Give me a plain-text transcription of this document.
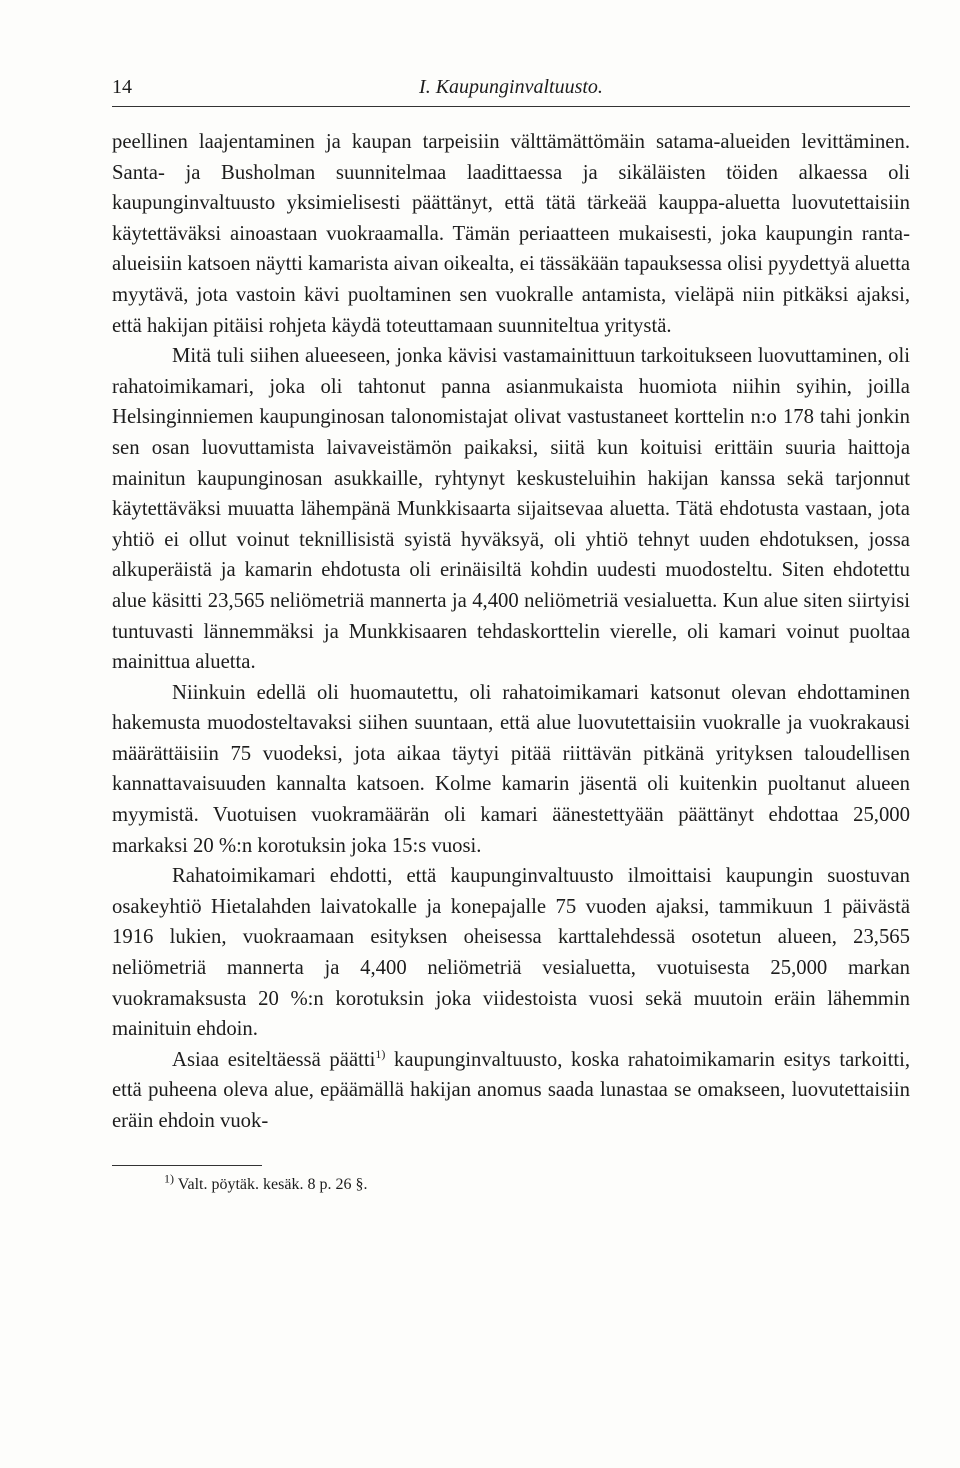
14	I. Kaupunginvaltuusto.

peellinen laajentaminen ja kaupan tarpeisiin välttämättömäin satama-alueiden levittäminen. Santa- ja Busholman suunnitelmaa laadittaessa ja sikäläisten töiden alkaessa oli kaupunginvaltuusto yksimielisesti päättänyt, että tätä tärkeää kauppa-aluetta luovutettaisiin käytettäväksi ainoastaan vuokraamalla. Tämän periaatteen mukaisesti, joka kaupungin ranta-alueisiin katsoen näytti kamarista aivan oikealta, ei tässäkään tapauksessa olisi pyydettyä aluetta myytävä, jota vastoin kävi puoltaminen sen vuokralle antamista, vieläpä niin pitkäksi ajaksi, että hakijan pitäisi rohjeta käydä toteuttamaan suunniteltua yritystä.

Mitä tuli siihen alueeseen, jonka kävisi vastamainittuun tarkoitukseen luovuttaminen, oli rahatoimikamari, joka oli tahtonut panna asianmukaista huomiota niihin syihin, joilla Helsinginniemen kaupunginosan talonomistajat olivat vastustaneet korttelin n:o 178 tahi jonkin sen osan luovuttamista laivaveistämön paikaksi, siitä kun koituisi erittäin suuria haittoja mainitun kaupunginosan asukkaille, ryhtynyt keskusteluihin hakijan kanssa sekä tarjonnut käytettäväksi muuatta lähempänä Munkkisaarta sijaitsevaa aluetta. Tätä ehdotusta vastaan, jota yhtiö ei ollut voinut teknillisistä syistä hyväksyä, oli yhtiö tehnyt uuden ehdotuksen, jossa alkuperäistä ja kamarin ehdotusta oli erinäisiltä kohdin uudesti muodosteltu. Siten ehdotettu alue käsitti 23,565 neliömetriä mannerta ja 4,400 neliömetriä vesialuetta. Kun alue siten siirtyisi tuntuvasti lännemmäksi ja Munkkisaaren tehdaskorttelin vierelle, oli kamari voinut puoltaa mainittua aluetta.

Niinkuin edellä oli huomautettu, oli rahatoimikamari katsonut olevan ehdottaminen hakemusta muodosteltavaksi siihen suuntaan, että alue luovutettaisiin vuokralle ja vuokrakausi määrättäisiin 75 vuodeksi, jota aikaa täytyi pitää riittävän pitkänä yrityksen taloudellisen kannattavaisuuden kannalta katsoen. Kolme kamarin jäsentä oli kuitenkin puoltanut alueen myymistä. Vuotuisen vuokramäärän oli kamari äänestettyään päättänyt ehdottaa 25,000 markaksi 20 %:n korotuksin joka 15:s vuosi.

Rahatoimikamari ehdotti, että kaupunginvaltuusto ilmoittaisi kaupungin suostuvan osakeyhtiö Hietalahden laivatokalle ja konepajalle 75 vuoden ajaksi, tammikuun 1 päivästä 1916 lukien, vuokraamaan esityksen oheisessa karttalehdessä osotetun alueen, 23,565 neliömetriä mannerta ja 4,400 neliömetriä vesialuetta, vuotuisesta 25,000 markan vuokramaksusta 20 %:n korotuksin joka viidestoista vuosi sekä muutoin eräin lähemmin mainituin ehdoin.

Asiaa esiteltäessä päätti$^{1)}$ kaupunginvaltuusto, koska rahatoimikamarin esitys tarkoitti, että puheena oleva alue, epäämällä hakijan anomus saada lunastaa se omakseen, luovutettaisiin eräin ehdoin vuok-

$^{1)}$ Valt. pöytäk. kesäk. 8 p. 26 §.
